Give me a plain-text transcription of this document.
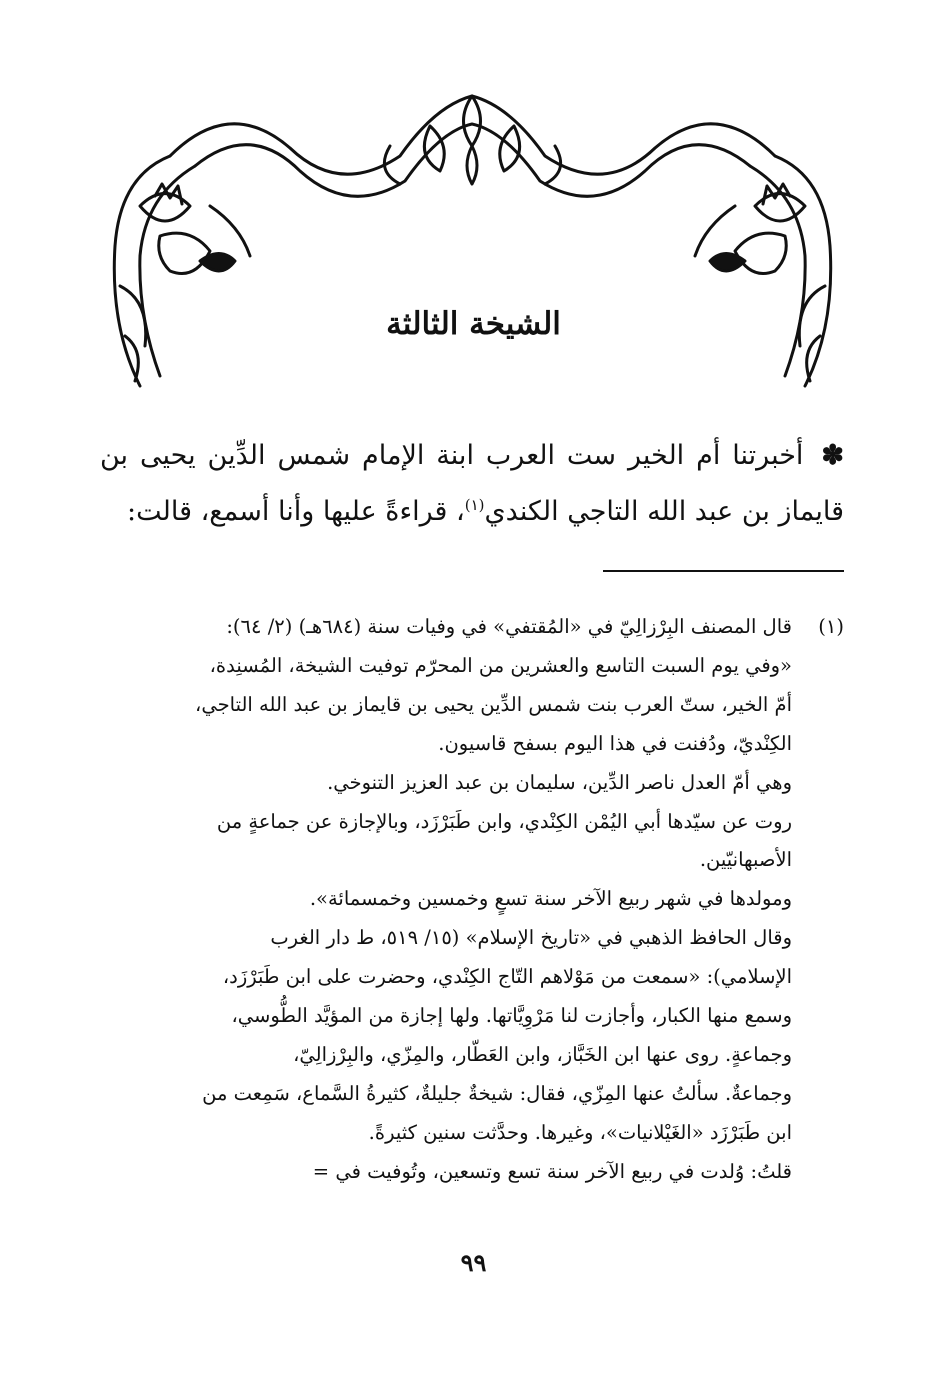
الشيخة الثالثة

✽ أخبرتنا أم الخير ست العرب ابنة الإمام شمس الدِّين يحيى بن قايماز بن عبد الله التاجي الكندي$^{(١)}$، قراءةً عليها وأنا أسمع، قالت:

(١)قال المصنف البِرْزالِيّ في «المُقتفي» في وفيات سنة (٦٨٤هـ) (٢/ ٦٤):

«وفي يوم السبت التاسع والعشرين من المحرّم توفيت الشيخة، المُسنِدة،

أمّ الخير، ستّ العرب بنت شمس الدِّين يحيى بن قايماز بن عبد الله التاجي،

الكِنْديّ، ودُفنت في هذا اليوم بسفح قاسيون.

وهي أمّ العدل ناصر الدِّين، سليمان بن عبد العزيز التنوخي.

روت عن سيّدها أبي اليُمْن الكِنْدي، وابن طَبَرْزَد، وبالإجازة عن جماعةٍ من

الأصبهانيّين.

ومولدها في شهر ربيع الآخر سنة تسعٍ وخمسين وخمسمائة».

وقال الحافظ الذهبي في «تاريخ الإسلام» (١٥/ ٥١٩، ط دار الغرب

الإسلامي): «سمعت من مَوْلاهم التّاج الكِنْدي، وحضرت على ابن طَبَرْزَد،

وسمع منها الكبار، وأجازت لنا مَرْوِيَّاتها. ولها إجازة من المؤيَّد الطُّوسي،

وجماعةٍ. روى عنها ابن الخَبَّاز، وابن العَطّار، والمِزّي، والبِرْزالِيّ،

وجماعةٌ. سألتُ عنها المِزّي، فقال: شيخةٌ جليلةٌ، كثيرةُ السَّماع، سَمِعت من

ابن طَبَرْزَد «الغَيْلانيات»، وغيرها. وحدَّثت سنين كثيرةً.

قلتُ: وُلدت في ربيع الآخر سنة تسع وتسعين، وتُوفيت في =

٩٩
